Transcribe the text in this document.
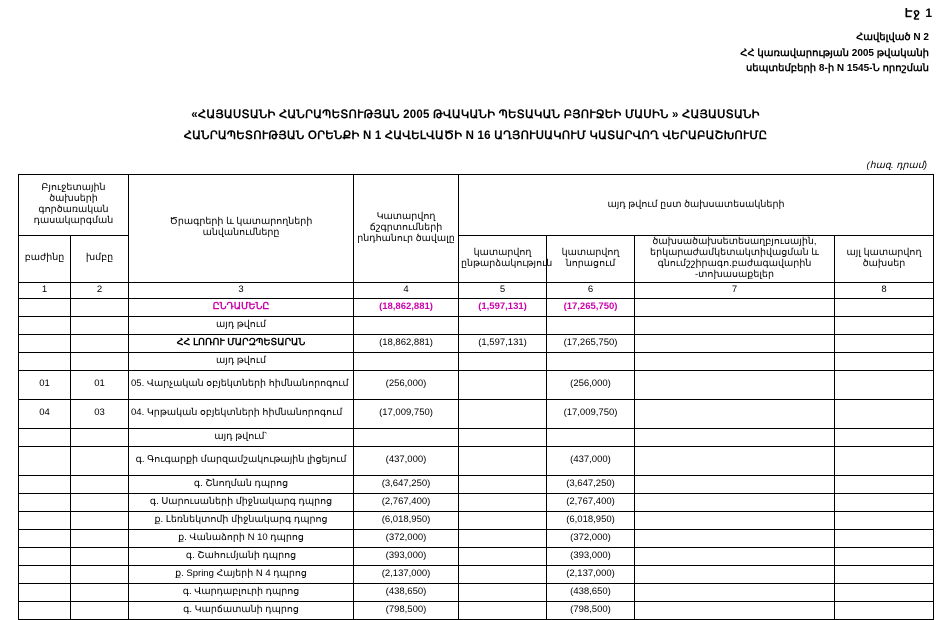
Էջ 1
Հավելված N 2
ՀՀ կառավարության 2005 թվականի
սեպտեմբերի 8-ի N 1545-Ն որոշման
«ՀԱՅԱՍՏԱՆԻ ՀԱՆՐԱՊԵՏՈՒԹՅԱՆ 2005 ԹՎԱԿԱՆԻ ՊԵՏԱԿԱՆ ԲՅՈՒՋԵԻ ՄԱՍԻՆ » ՀԱՅԱՍՏԱՆԻ
ՀԱՆՐԱՊԵՏՈՒԹՅԱՆ ՕՐԵՆՔԻ N 1 ՀԱՎԵԼՎԱԾԻ N 16 ԱՂՅՈՒՍԱԿՈՒՄ ԿԱՏԱՐՎՈՂ ՎԵՐԱԲԱՇԽՈՒՄԸ
(հազ. դրամ)
Բյուջետային ծախսերի գործառական դասակարգման		Ծրագրերի և կատարողների անվանումները	Կատարվող ճշգրտումների րնդհանուր ծավալը	այդ թվում ըստ ծախսատեսակների			
բաժինը	խմբը			կատարվող ընթարձակություն	կատարվող նորացում	ծախսածախսետեսաղբյուսային, երկարաժամկետակտիվացման և գնումշշիրագո.բաժագավարին -տոխասաքելեր	այլ կատարվող ծախսեր
1	2	3	4	5	6	7	8
		ԸՆԴԱՄԵՆԸ	(18,862,881)	(1,597,131)	(17,265,750)		
		այդ թվում					
		ՀՀ ԼՈՌՈՒ ՄԱՐԶՊԵՏԱՐԱՆ	(18,862,881)	(1,597,131)	(17,265,750)		
		այդ թվում					
01	01	05. Վարչական օբյեկտների հիմնանորոգում	(256,000)		(256,000)		
04	03	04. Կրթական օբյեկտների հիմնանորոգում	(17,009,750)		(17,009,750)		
		այդ թվում`					
		գ. Գուգարքի մարզամշակութային լիցեյում	(437,000)		(437,000)		
		գ. Շնողման դպրոց	(3,647,250)		(3,647,250)		
		գ. Սարուսաների միջնակարգ դպրոց	(2,767,400)		(2,767,400)		
		ք. Լեռնեկտոմի միջնակարգ դպրոց	(6,018,950)		(6,018,950)		
		ք. Վանաձորի N 10 դպրոց	(372,000)		(372,000)		
		գ. Շահումյանի դպրոց	(393,000)		(393,000)		
		ք. Spring Հայերի N 4 դպրոց	(2,137,000)		(2,137,000)		
		գ. Վարդաբլուրի դպրոց	(438,650)		(438,650)		
		գ. Կարճատանի դպրոց	(798,500)		(798,500)		
